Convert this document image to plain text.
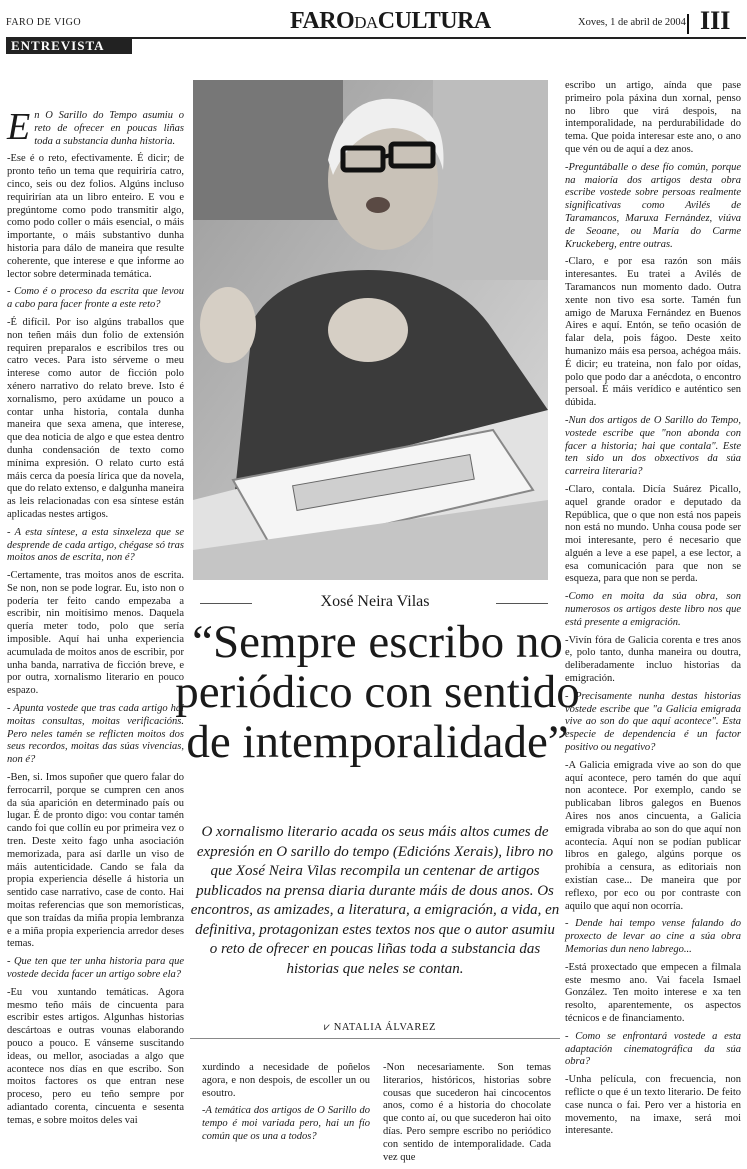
FARO DE VIGO	FARODACULTURA	Xoves, 1 de abril de 2004 III
ENTREVISTA

En O Sarillo do Tempo asumiu o reto de ofrecer en poucas liñas toda a substancia dunha historia.

-Ese é o reto, efectivamente. É dicir; de pronto teño un tema que requiriría catro, cinco, seis ou dez folios. Algúns incluso requirirían ata un libro enteiro. E vou e pregúntome como podo transmitir algo, como podo coller o máis esencial, o máis importante, o máis substantivo dunha historia para dálo de maneira que resulte coherente, que interese e que informe ao lector sobre determinada temática.

- Como é o proceso da escrita que levou a cabo para facer fronte a este reto?

-É difícil. Por iso algúns traballos que non teñen máis dun folio de extensión requiren preparalos e escribilos tres ou catro veces. Para isto sérveme o meu interese como autor de ficción polo xénero narrativo do relato breve. Isto é xornalismo, pero axúdame un pouco a contar unha historia, contala dunha maneira que sexa amena, que interese, que dea noticia de algo e que estea dentro dunha condensación de texto como mínima expresión. O relato curto está máis cerca da poesía lírica que da novela, que do relato extenso, e dalgunha maneira as leis relacionadas con esa síntese están aplicadas nestes artigos.

- A esta síntese, a esta sinxeleza que se desprende de cada artigo, chégase só tras moitos anos de escrita, non é?

-Certamente, tras moitos anos de escrita. Se non, non se pode lograr. Eu, isto non o podería ter feito cando empezaba a escribir, nin moitísimo menos. Daquela quería meter todo, polo que sería imposible. Aquí hai unha experiencia acumulada de moitos anos de escribir, por unha banda, narrativa de ficción breve, e por outra, xornalismo literario en pouco espazo.

- Apunta vostede que tras cada artigo hai moitas consultas, moitas verificacións. Pero neles tamén se reflicten moitos dos seus recordos, moitas das súas vivencias, non é?

-Ben, si. Imos supoñer que quero falar do ferrocarril, porque se cumpren cen anos da súa aparición en determinado país ou lugar. É de pronto digo: vou contar tamén cando foi que collín eu por primeira vez o tren. Deste xeito fago unha asociación memorizada, para así darlle un viso de máis autenticidade. Cando se fala da propia experiencia déselle á historia un sentido case narrativo, case de conto. Hai moitas referencias que son memorísticas, que son traídas da miña propia lembranza e a miña propia experiencia arredor deses temas.

- Que ten que ter unha historia para que vostede decida facer un artigo sobre ela?

-Eu vou xuntando temáticas. Agora mesmo teño máis de cincuenta para escribir estes artigos. Algunhas historias descártoas e outras vounas elaborando pouco a pouco. E vánseme suscitando ideas, ou mellor, asociadas a algo que acontece nos días en que escribo. Son moitos factores os que entran nese proceso, pero eu teño sempre por adiantado corenta, cincuenta e sesenta temas, e sobre moitos deles vai

escribo un artigo, aínda que pase primeiro pola páxina dun xornal, penso no libro que virá despois, na intemporalidade, na perdurabilidade do tema. Que poida interesar este ano, o ano que vén ou de aquí a dez anos.

-Preguntáballe o dese fío común, porque na maioría dos artigos desta obra escribe vostede sobre persoas realmente significativas como Avilés de Taramancos, Maruxa Fernández, viúva de Seoane, ou María do Carme Kruckeberg, entre outras.

-Claro, e por esa razón son máis interesantes. Eu tratei a Avilés de Taramancos nun momento dado. Outra xente non tivo esa sorte. Tamén fun amigo de Maruxa Fernández en Buenos Aires e aquí. Entón, se teño ocasión de falar dela, pois fágoo. Deste xeito humanizo máis esa persoa, achégoa máis. É dicir; eu trateina, non falo por oídas, polo que podo dar a anécdota, o encontro persoal. É máis verídico e auténtico sen dúbida.

-Nun dos artigos de O Sarillo do Tempo, vostede escribe que "non abonda con facer a historia; hai que contala". Este ten sido un dos obxectivos da súa carreira literaria?

-Claro, contala. Dicía Suárez Picallo, aquel grande orador e deputado da República, que o que non está nos papeis non está no mundo. Unha cousa pode ser moi interesante, pero é necesario que alguén a leve a ese papel, a ese lector, a esa comunicación para que non se esqueza, para que non se perda.

-Como en moita da súa obra, son numerosos os artigos deste libro nos que está presente a emigración.

-Vivín fóra de Galicia corenta e tres anos e, polo tanto, dunha maneira ou doutra, deliberadamente incluo historias da emigración.

- Precisamente nunha destas historias vostede escribe que "a Galicia emigrada vive ao son do que aquí acontece". Esta especie de dependencia é un factor positivo ou negativo?

-A Galicia emigrada vive ao son do que aquí acontece, pero tamén do que aquí non acontece. Por exemplo, cando se publicaban libros galegos en Buenos Aires nos anos cincuenta, a Galicia emigrada vibraba ao son do que aquí non acontecía. Aquí non se podían publicar libros en galego, algúns porque os prohibía a censura, as editoriais non existían case... De maneira que por reflexo, por eco ou por contraste con aquilo que aquí non ocorría.

- Dende hai tempo vense falando do proxecto de levar ao cine a súa obra Memorias dun neno labrego...

-Está proxectado que empecen a filmala este mesmo ano. Vai facela Ismael González. Ten moito interese e xa ten resolto, aparentemente, os aspectos técnicos e de financiamento.

- Como se enfrontará vostede a esta adaptación cinematográfica da súa obra?

-Unha película, con frecuencia, non reflicte o que é un texto literario. De feito case nunca o fai. Pero ver a historia en movemento, na imaxe, será moi interesante.

xurdindo a necesidade de poñelos agora, e non despois, de escoller un ou esoutro.

-A temática dos artigos de O Sarillo do tempo é moi variada pero, hai un fío común que os una a todos?

-Non necesariamente. Son temas literarios, históricos, historias sobre cousas que sucederon hai cincocentos anos, como é a historia do chocolate que conto aí, ou que sucederon hai oito días. Pero sempre escribo no periódico con sentido de intemporalidade. Cada vez que

Xosé Neira Vilas
“Sempre escribo no periódico con sentido de intemporalidade”
O xornalismo literario acada os seus máis altos cumes de expresión en O sarillo do tempo (Edicións Xerais), libro no que Xosé Neira Vilas recompila un centenar de artigos publicados na prensa diaria durante máis de dous anos. Os encontros, as amizades, a literatura, a emigración, a vida, en definitiva, protagonizan estes textos nos que o autor asumiu o reto de ofrecer en poucas liñas toda a substancia das historias que neles se contan.
⩗ NATALIA ÁLVAREZ
